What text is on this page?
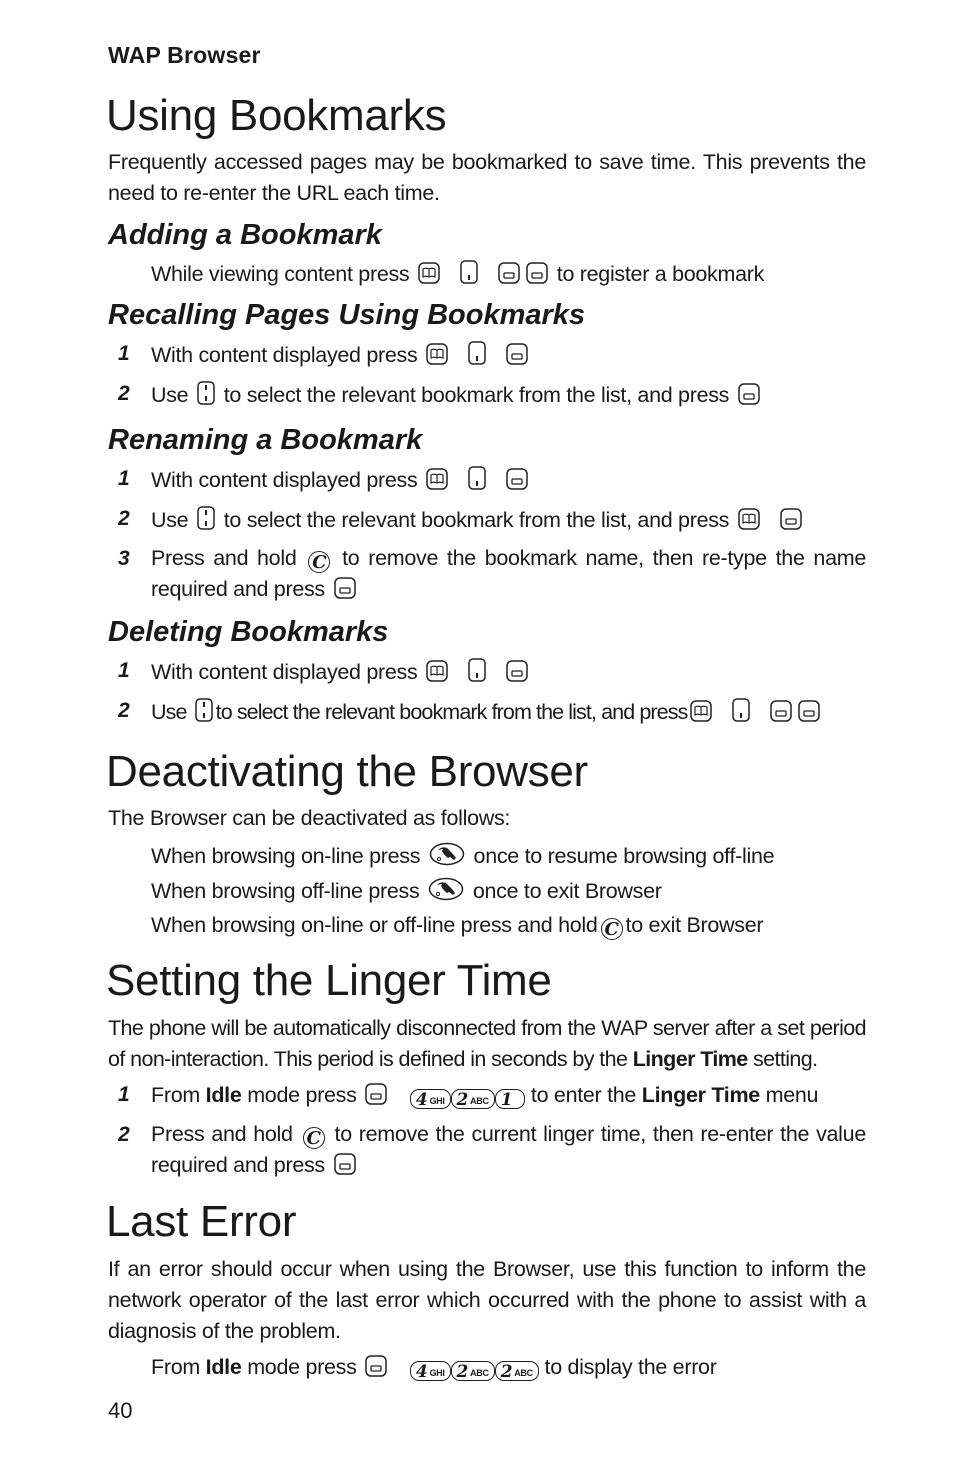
WAP Browser
Using Bookmarks
Frequently accessed pages may be bookmarked to save time. This prevents the need to re-enter the URL each time.
Adding a Bookmark
While viewing content press	to register a bookmark
Recalling Pages Using Bookmarks
1 With content displayed press
2 Use to select the relevant bookmark from the list, and press
Renaming a Bookmark
1 With content displayed press
2 Use to select the relevant bookmark from the list, and press
3 Press and hold C to remove the bookmark name, then re-type the name required and press
Deleting Bookmarks
1 With content displayed press
2 Use to select the relevant bookmark from the list, and press
Deactivating the Browser
The Browser can be deactivated as follows:
When browsing on-line press once to resume browsing off-line
When browsing off-line press once to exit Browser
When browsing on-line or off-line press and hold C to exit Browser
Setting the Linger Time
The phone will be automatically disconnected from the WAP server after a set period of non-interaction. This period is defined in seconds by the Linger Time setting.
1 From Idle mode press	4 GHI 2 ABC 1 to enter the Linger Time menu
2 Press and hold C to remove the current linger time, then re-enter the value required and press
Last Error
If an error should occur when using the Browser, use this function to inform the network operator of the last error which occurred with the phone to assist with a diagnosis of the problem.
From Idle mode press	4 GHI 2 ABC 2 ABC to display the error
40
